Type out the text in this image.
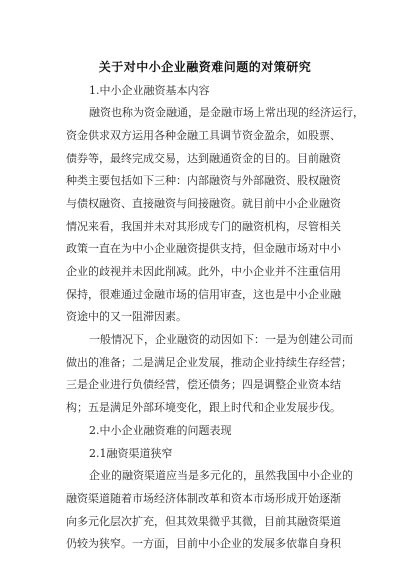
关于对中小企业融资难问题的对策研究
1.中小企业融资基本内容
融资也称为资金融通，是金融市场上常出现的经济运行，
资金供求双方运用各种金融工具调节资金盈余，如股票、
债券等，最终完成交易，达到融通资金的目的。目前融资
种类主要包括如下三种：内部融资与外部融资、股权融资
与债权融资、直接融资与间接融资。就目前中小企业融资
情况来看，我国并未对其形成专门的融资机构，尽管相关
政策一直在为中小企业融资提供支持，但金融市场对中小
企业的歧视并未因此削减。此外，中小企业并不注重信用
保持，很难通过金融市场的信用审查，这也是中小企业融
资途中的又一阻滞因素。
一般情况下，企业融资的动因如下：一是为创建公司而
做出的准备；二是满足企业发展，推动企业持续生存经营；
三是企业进行负债经营，偿还债务；四是调整企业资本结
构；五是满足外部环境变化，跟上时代和企业发展步伐。
2.中小企业融资难的问题表现
2.1融资渠道狭窄
企业的融资渠道应当是多元化的，虽然我国中小企业的
融资渠道随着市场经济体制改革和资本市场形成开始逐渐
向多元化层次扩充，但其效果微乎其微，目前其融资渠道
仍较为狭窄。一方面，目前中小企业的发展多依靠自身积
